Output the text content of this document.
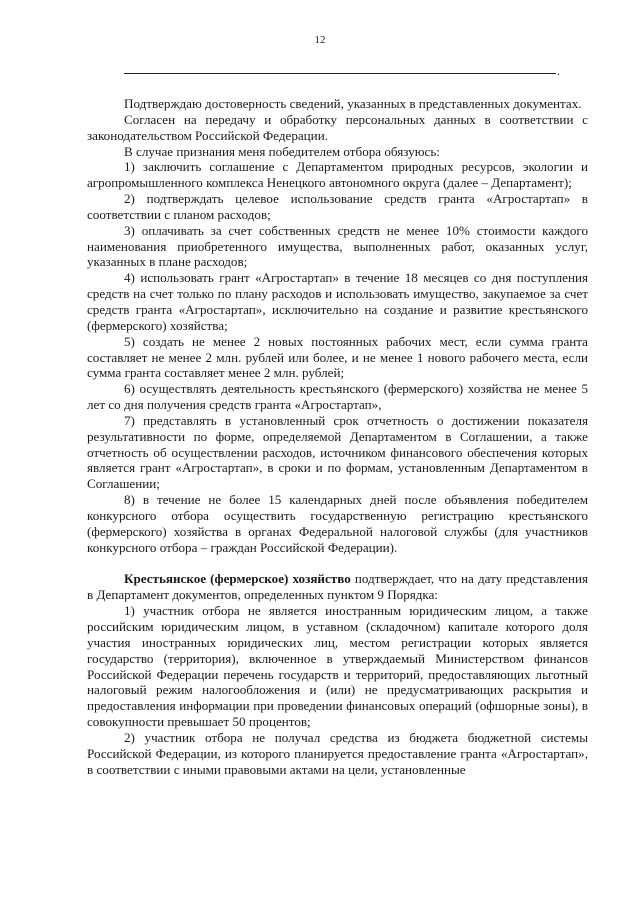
12
.

Подтверждаю достоверность сведений, указанных в представленных документах.

Согласен на передачу и обработку персональных данных в соответствии с законодательством Российской Федерации.

В случае признания меня победителем отбора обязуюсь:

1) заключить соглашение с Департаментом природных ресурсов, экологии и агропромышленного комплекса Ненецкого автономного округа (далее – Департамент);

2) подтверждать целевое использование средств гранта «Агростартап» в соответствии с планом расходов;

3) оплачивать за счет собственных средств не менее 10% стоимости каждого наименования приобретенного имущества, выполненных работ, оказанных услуг, указанных в плане расходов;

4) использовать грант «Агростартап» в течение 18 месяцев со дня поступления средств на счет только по плану расходов и использовать имущество, закупаемое за счет средств гранта «Агростартап», исключительно на создание и развитие крестьянского (фермерского) хозяйства;

5) создать не менее 2 новых постоянных рабочих мест, если сумма гранта составляет не менее 2 млн. рублей или более, и не менее 1 нового рабочего места, если сумма гранта составляет менее 2 млн. рублей;

6) осуществлять деятельность крестьянского (фермерского) хозяйства не менее 5 лет со дня получения средств гранта «Агростартап»,

7) представлять в установленный срок отчетность о достижении показателя результативности по форме, определяемой Департаментом в Соглашении, а также отчетность об осуществлении расходов, источником финансового обеспечения которых является грант «Агростартап», в сроки и по формам, установленным Департаментом в Соглашении;

8) в течение не более 15 календарных дней после объявления победителем конкурсного отбора осуществить государственную регистрацию крестьянского (фермерского) хозяйства в органах Федеральной налоговой службы (для участников конкурсного отбора – граждан Российской Федерации).

Крестьянское (фермерское) хозяйство подтверждает, что на дату представления в Департамент документов, определенных пунктом 9 Порядка:

1) участник отбора не является иностранным юридическим лицом, а также российским юридическим лицом, в уставном (складочном) капитале которого доля участия иностранных юридических лиц, местом регистрации которых является государство (территория), включенное в утверждаемый Министерством финансов Российской Федерации перечень государств и территорий, предоставляющих льготный налоговый режим налогообложения и (или) не предусматривающих раскрытия и предоставления информации при проведении финансовых операций (офшорные зоны), в совокупности превышает 50 процентов;

2) участник отбора не получал средства из бюджета бюджетной системы Российской Федерации, из которого планируется предоставление гранта «Агростартап», в соответствии с иными правовыми актами на цели, установленные
